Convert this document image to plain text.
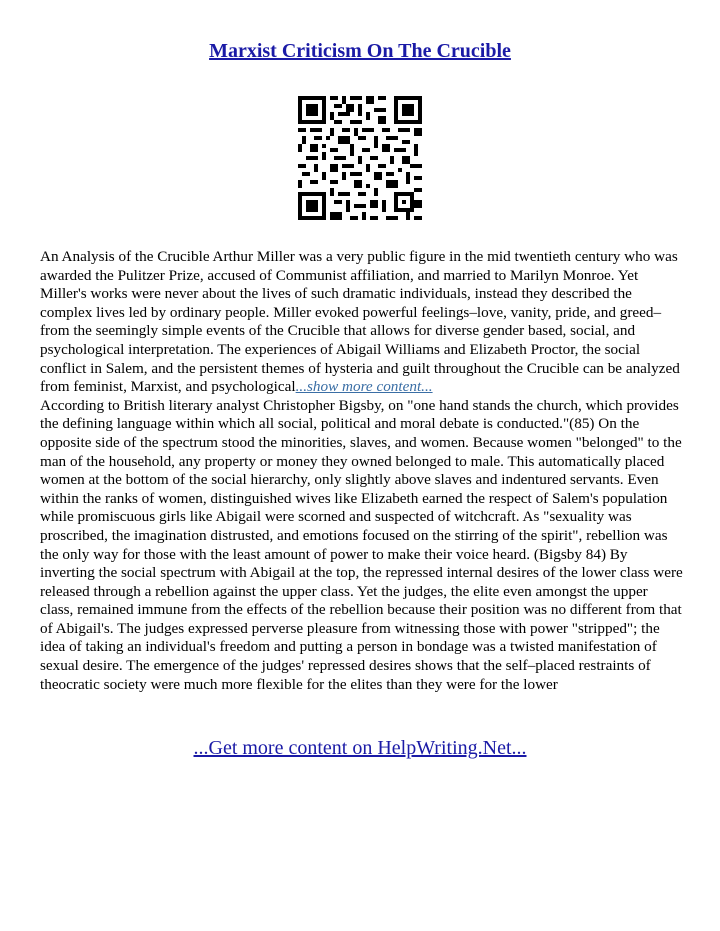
Marxist Criticism On The Crucible

An Analysis of the Crucible Arthur Miller was a very public figure in the mid twentieth century who was awarded the Pulitzer Prize, accused of Communist affiliation, and married to Marilyn Monroe. Yet Miller's works were never about the lives of such dramatic individuals, instead they described the complex lives led by ordinary people. Miller evoked powerful feelings–love, vanity, pride, and greed–from the seemingly simple events of the Crucible that allows for diverse gender based, social, and psychological interpretation. The experiences of Abigail Williams and Elizabeth Proctor, the social conflict in Salem, and the persistent themes of hysteria and guilt throughout the Crucible can be analyzed from feminist, Marxist, and psychological...show more content...

According to British literary analyst Christopher Bigsby, on "one hand stands the church, which provides the defining language within which all social, political and moral debate is conducted."(85) On the opposite side of the spectrum stood the minorities, slaves, and women. Because women "belonged" to the man of the household, any property or money they owned belonged to male. This automatically placed women at the bottom of the social hierarchy, only slightly above slaves and indentured servants. Even within the ranks of women, distinguished wives like Elizabeth earned the respect of Salem's population while promiscuous girls like Abigail were scorned and suspected of witchcraft. As "sexuality was proscribed, the imagination distrusted, and emotions focused on the stirring of the spirit", rebellion was the only way for those with the least amount of power to make their voice heard. (Bigsby 84) By inverting the social spectrum with Abigail at the top, the repressed internal desires of the lower class were released through a rebellion against the upper class. Yet the judges, the elite even amongst the upper class, remained immune from the effects of the rebellion because their position was no different from that of Abigail's. The judges expressed perverse pleasure from witnessing those with power "stripped"; the idea of taking an individual's freedom and putting a person in bondage was a twisted manifestation of sexual desire. The emergence of the judges' repressed desires shows that the self–placed restraints of theocratic society were much more flexible for the elites than they were for the lower

...Get more content on HelpWriting.Net...
